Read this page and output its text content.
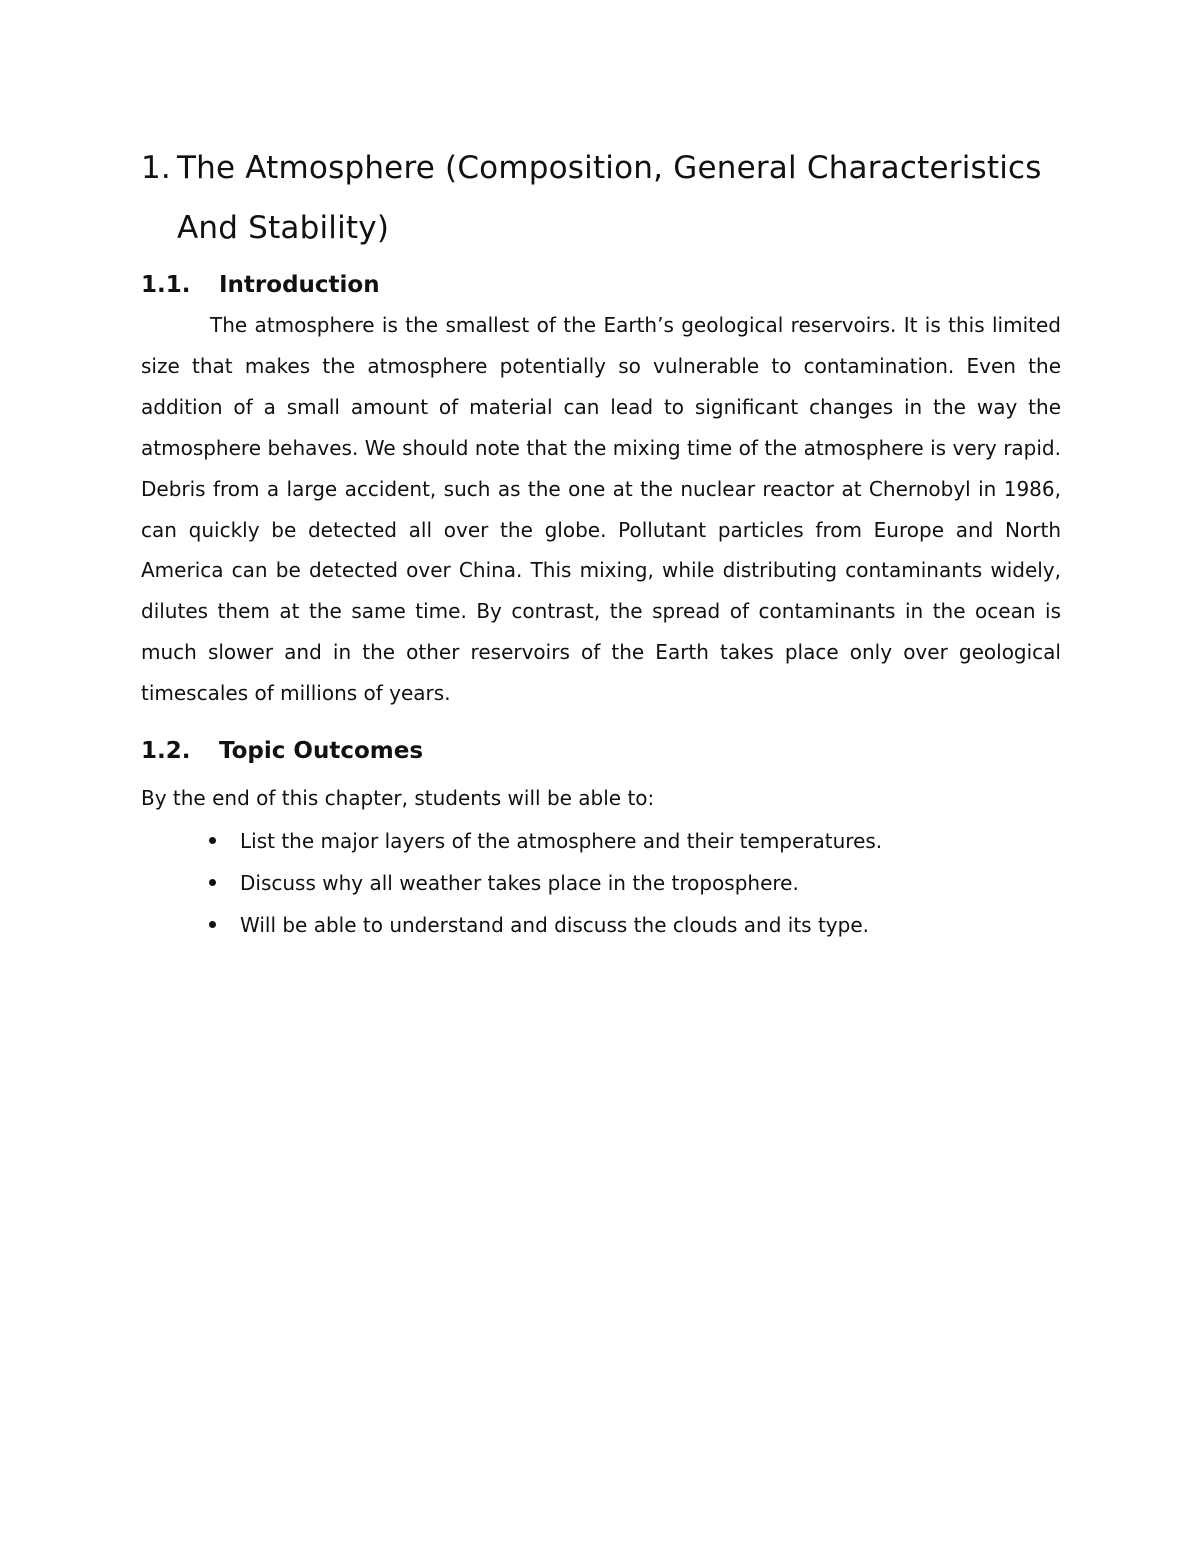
1. The Atmosphere (Composition, General Characteristics And Stability)
1.1.	Introduction

The atmosphere is the smallest of the Earth’s geological reservoirs. It is this limited size that makes the atmosphere potentially so vulnerable to contamination. Even the addition of a small amount of material can lead to significant changes in the way the atmosphere behaves. We should note that the mixing time of the atmosphere is very rapid. Debris from a large accident, such as the one at the nuclear reactor at Chernobyl in 1986, can quickly be detected all over the globe. Pollutant particles from Europe and North America can be detected over China. This mixing, while distributing contaminants widely, dilutes them at the same time. By contrast, the spread of contaminants in the ocean is much slower and in the other reservoirs of the Earth takes place only over geological timescales of millions of years.

1.2.	Topic Outcomes

By the end of this chapter, students will be able to:

List the major layers of the atmosphere and their temperatures.
Discuss why all weather takes place in the troposphere.
Will be able to understand and discuss the clouds and its type.
